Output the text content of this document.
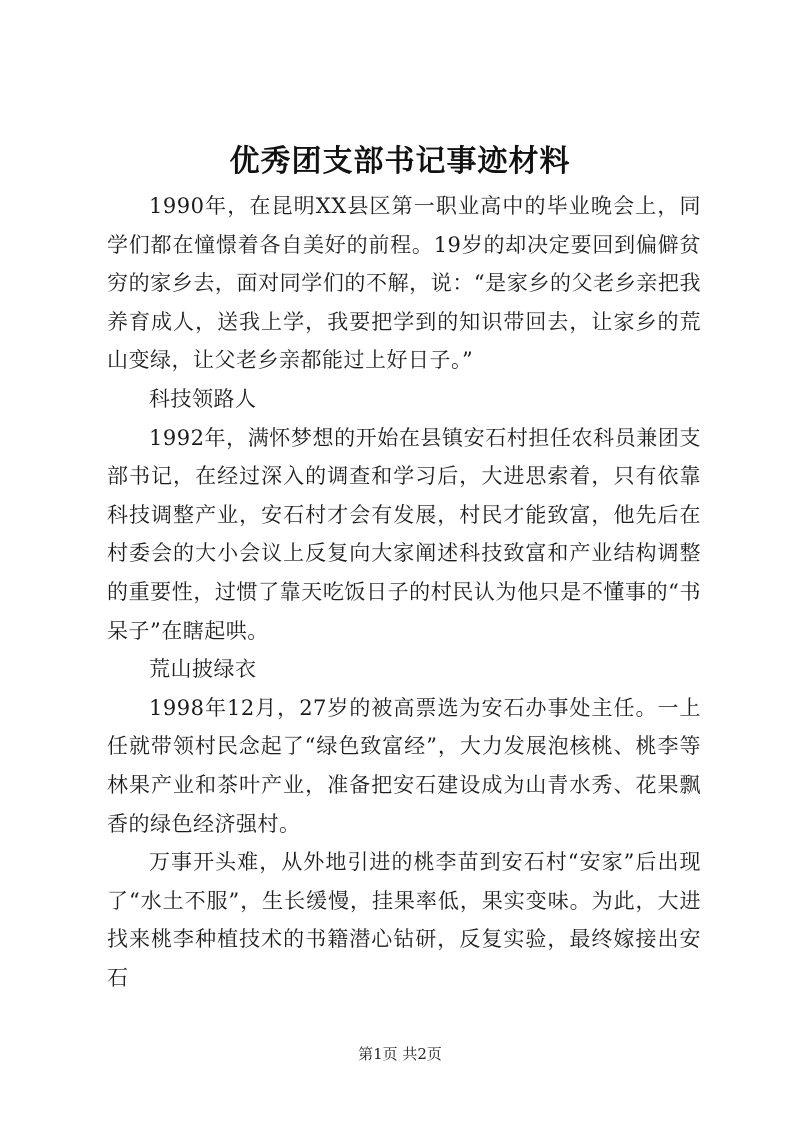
优秀团支部书记事迹材料

1990年，在昆明XX县区第一职业高中的毕业晚会上，同学们都在憧憬着各自美好的前程。19岁的却决定要回到偏僻贫穷的家乡去，面对同学们的不解，说：“是家乡的父老乡亲把我养育成人，送我上学，我要把学到的知识带回去，让家乡的荒山变绿，让父老乡亲都能过上好日子。”

科技领路人

1992年，满怀梦想的开始在县镇安石村担任农科员兼团支部书记，在经过深入的调查和学习后，大进思索着，只有依靠科技调整产业，安石村才会有发展，村民才能致富，他先后在村委会的大小会议上反复向大家阐述科技致富和产业结构调整的重要性，过惯了靠天吃饭日子的村民认为他只是不懂事的“书呆子”在瞎起哄。

荒山披绿衣

1998年12月，27岁的被高票选为安石办事处主任。一上任就带领村民念起了“绿色致富经”，大力发展泡核桃、桃李等林果产业和茶叶产业，准备把安石建设成为山青水秀、花果飘香的绿色经济强村。

万事开头难，从外地引进的桃李苗到安石村“安家”后出现了“水土不服”，生长缓慢，挂果率低，果实变味。为此，大进找来桃李种植技术的书籍潜心钻研，反复实验，最终嫁接出安石

第1页 共2页
